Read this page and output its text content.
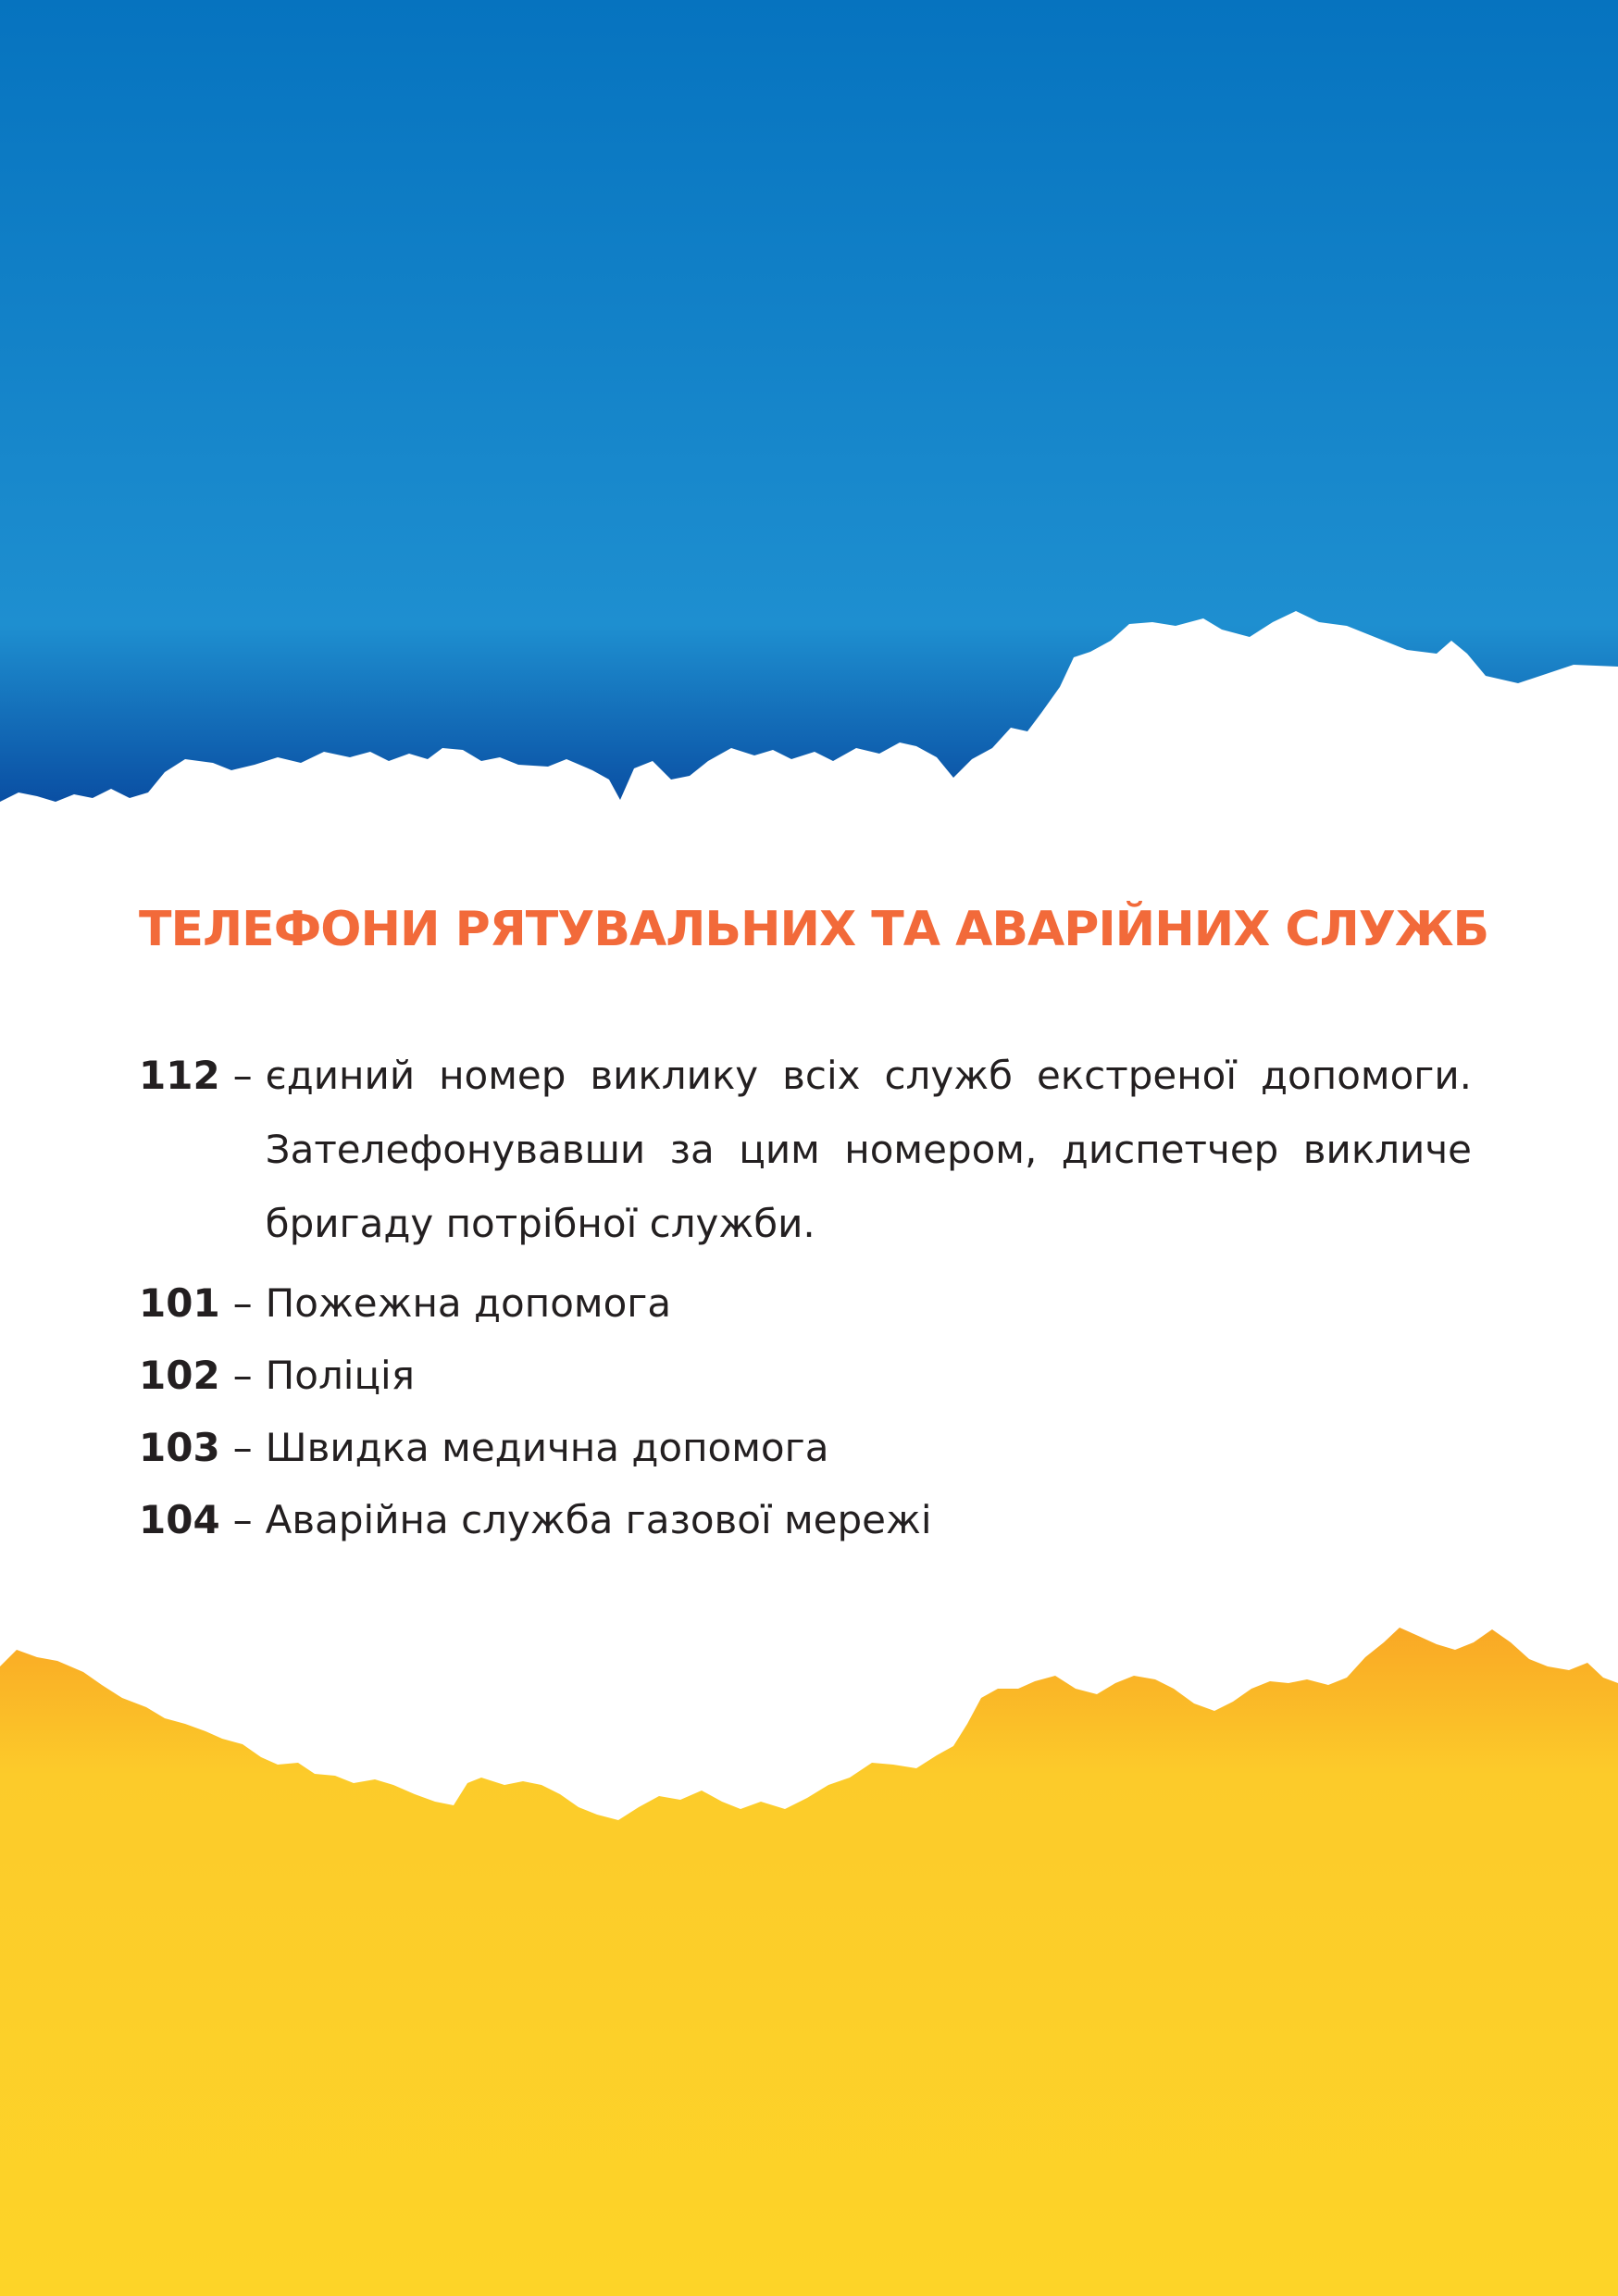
ТЕЛЕФОНИ РЯТУВАЛЬНИХ ТА АВАРІЙНИХ СЛУЖБ
112 – єдиний номер виклику всіх служб екстреної допомоги. Зателефонувавши за цим номером, диспетчер викличе бригаду потрібної служби.
101 – Пожежна допомога
102 – Поліція
103 – Швидка медична допомога
104 – Аварійна служба газової мережі
